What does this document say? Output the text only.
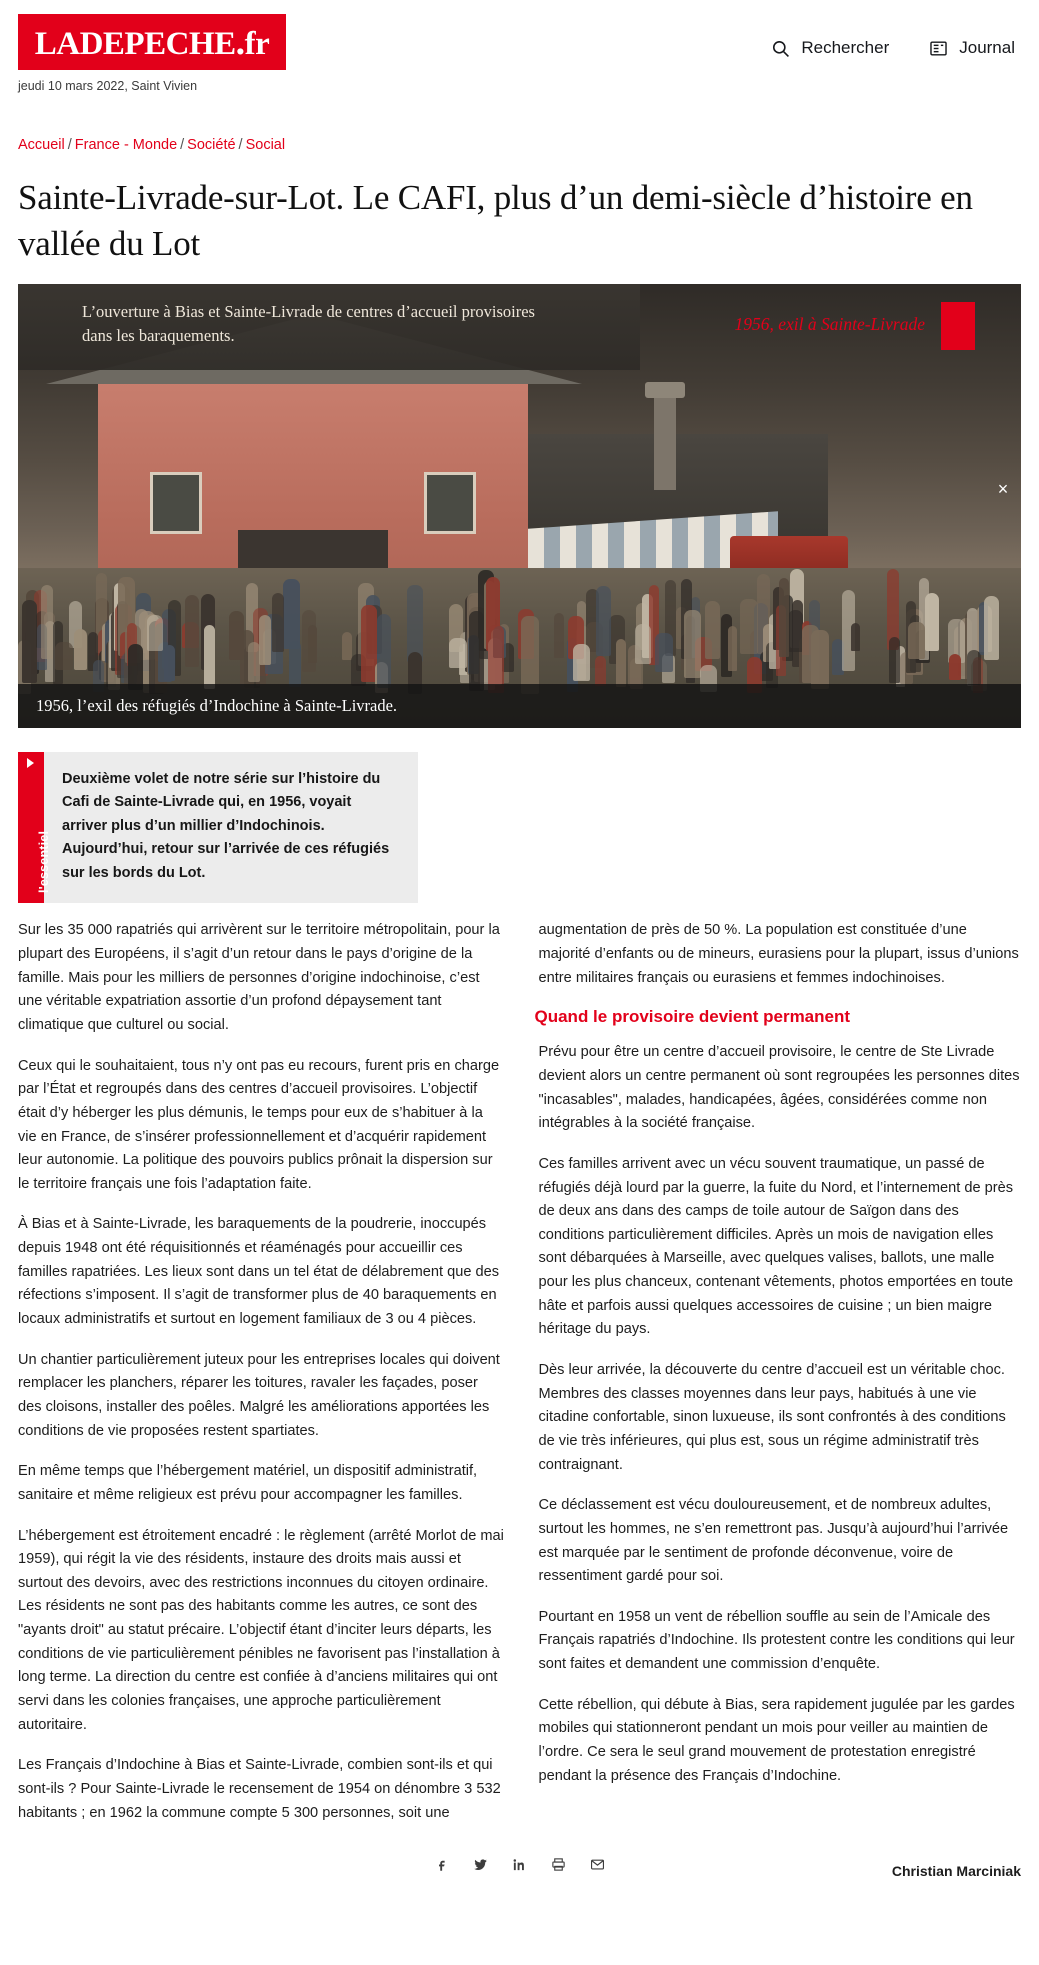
LADEPECHE.fr
jeudi 10 mars 2022, Saint Vivien
Rechercher	Journal
Accueil / France - Monde / Société / Social
Sainte-Livrade-sur-Lot. Le CAFI, plus d’un demi-siècle d’histoire en vallée du Lot
L’ouverture à Bias et Sainte-Livrade de centres d’accueil provisoires dans les baraquements.
1956, exil à Sainte-Livrade
×
1956, l’exil des réfugiés d’Indochine à Sainte-Livrade.
l'essentiel
Deuxième volet de notre série sur l’histoire du Cafi de Sainte-Livrade qui, en 1956, voyait arriver plus d’un millier d’Indochinois. Aujourd’hui, retour sur l’arrivée de ces réfugiés sur les bords du Lot.

Sur les 35 000 rapatriés qui arrivèrent sur le territoire métropolitain, pour la plupart des Européens, il s’agit d’un retour dans le pays d’origine de la famille. Mais pour les milliers de personnes d’origine indochinoise, c’est une véritable expatriation assortie d’un profond dépaysement tant climatique que culturel ou social.

Ceux qui le souhaitaient, tous n’y ont pas eu recours, furent pris en charge par l’État et regroupés dans des centres d’accueil provisoires. L’objectif était d’y héberger les plus démunis, le temps pour eux de s’habituer à la vie en France, de s’insérer professionnellement et d’acquérir rapidement leur autonomie. La politique des pouvoirs publics prônait la dispersion sur le territoire français une fois l’adaptation faite.

À Bias et à Sainte-Livrade, les baraquements de la poudrerie, inoccupés depuis 1948 ont été réquisitionnés et réaménagés pour accueillir ces familles rapatriées. Les lieux sont dans un tel état de délabrement que des réfections s’imposent. Il s’agit de transformer plus de 40 baraquements en locaux administratifs et surtout en logement familiaux de 3 ou 4 pièces.

Un chantier particulièrement juteux pour les entreprises locales qui doivent remplacer les planchers, réparer les toitures, ravaler les façades, poser des cloisons, installer des poêles. Malgré les améliorations apportées les conditions de vie proposées restent spartiates.

En même temps que l’hébergement matériel, un dispositif administratif, sanitaire et même religieux est prévu pour accompagner les familles.

L’hébergement est étroitement encadré : le règlement (arrêté Morlot de mai 1959), qui régit la vie des résidents, instaure des droits mais aussi et surtout des devoirs, avec des restrictions inconnues du citoyen ordinaire. Les résidents ne sont pas des habitants comme les autres, ce sont des "ayants droit" au statut précaire. L’objectif étant d’inciter leurs départs, les conditions de vie particulièrement pénibles ne favorisent pas l’installation à long terme. La direction du centre est confiée à d’anciens militaires qui ont servi dans les colonies françaises, une approche particulièrement autoritaire.

Les Français d’Indochine à Bias et Sainte-Livrade, combien sont-ils et qui sont-ils ? Pour Sainte-Livrade le recensement de 1954 on dénombre 3 532 habitants ; en 1962 la commune compte 5 300 personnes, soit une

augmentation de près de 50 %. La population est constituée d’une majorité d’enfants ou de mineurs, eurasiens pour la plupart, issus d’unions entre militaires français ou eurasiens et femmes indochinoises.

Quand le provisoire devient permanent

Prévu pour être un centre d’accueil provisoire, le centre de Ste Livrade devient alors un centre permanent où sont regroupées les personnes dites "incasables", malades, handicapées, âgées, considérées comme non intégrables à la société française.

Ces familles arrivent avec un vécu souvent traumatique, un passé de réfugiés déjà lourd par la guerre, la fuite du Nord, et l’internement de près de deux ans dans des camps de toile autour de Saïgon dans des conditions particulièrement difficiles. Après un mois de navigation elles sont débarquées à Marseille, avec quelques valises, ballots, une malle pour les plus chanceux, contenant vêtements, photos emportées en toute hâte et parfois aussi quelques accessoires de cuisine ; un bien maigre héritage du pays.

Dès leur arrivée, la découverte du centre d’accueil est un véritable choc. Membres des classes moyennes dans leur pays, habitués à une vie citadine confortable, sinon luxueuse, ils sont confrontés à des conditions de vie très inférieures, qui plus est, sous un régime administratif très contraignant.

Ce déclassement est vécu douloureusement, et de nombreux adultes, surtout les hommes, ne s’en remettront pas. Jusqu’à aujourd’hui l’arrivée est marquée par le sentiment de profonde déconvenue, voire de ressentiment gardé pour soi.

Pourtant en 1958 un vent de rébellion souffle au sein de l’Amicale des Français rapatriés d’Indochine. Ils protestent contre les conditions qui leur sont faites et demandent une commission d’enquête.

Cette rébellion, qui débute à Bias, sera rapidement jugulée par les gardes mobiles qui stationneront pendant un mois pour veiller au maintien de l’ordre. Ce sera le seul grand mouvement de protestation enregistré pendant la présence des Français d’Indochine.

Christian Marciniak
